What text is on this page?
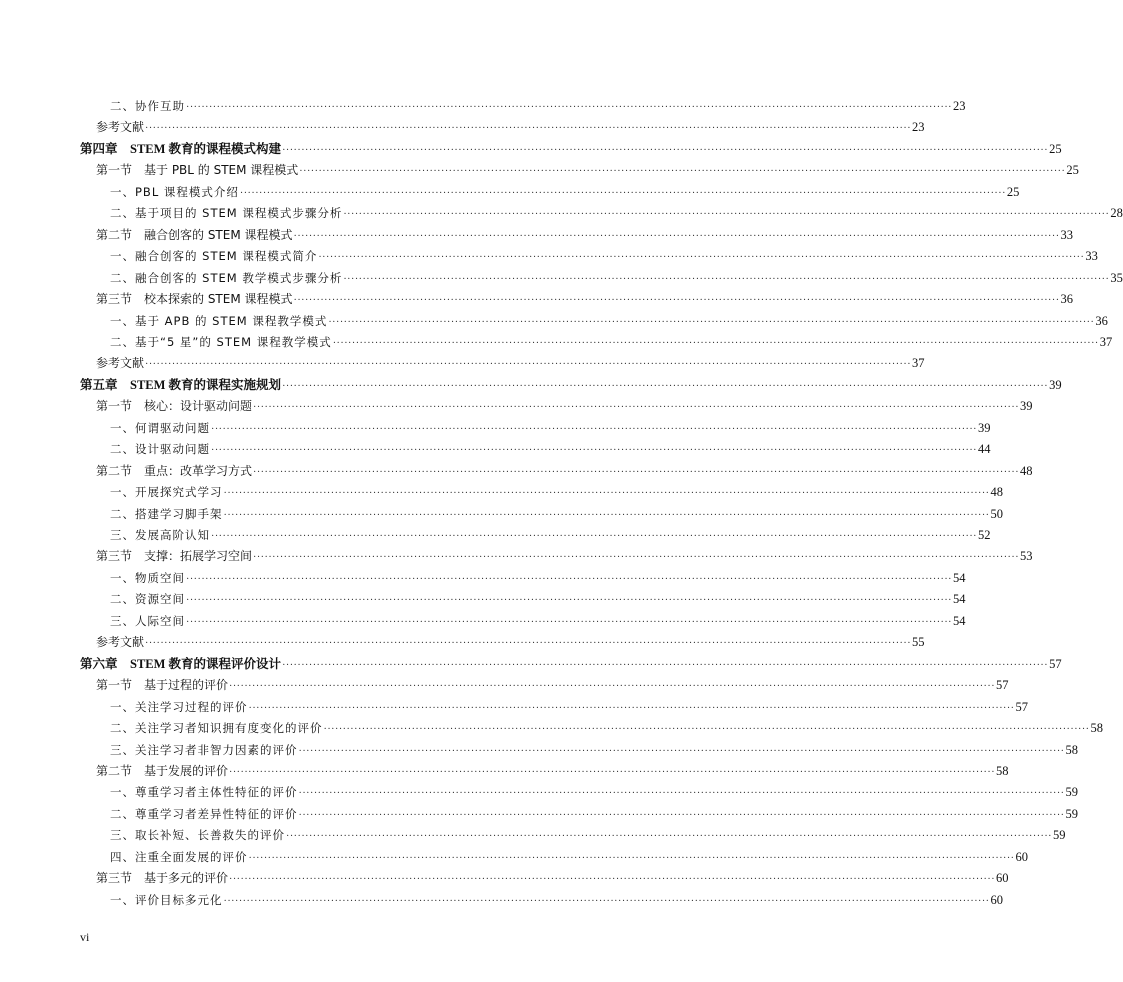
二、协作互助 ········································································································································································································ 23
参考文献 ········································································································································································································ 23
第四章　STEM 教育的课程模式构建 ········································································································································································································ 25
第一节　基于 PBL 的 STEM 课程模式 ········································································································································································································ 25
一、PBL 课程模式介绍 ········································································································································································································ 25
二、基于项目的 STEM 课程模式步骤分析 ········································································································································································································ 28
第二节　融合创客的 STEM 课程模式 ········································································································································································································ 33
一、融合创客的 STEM 课程模式简介 ········································································································································································································ 33
二、融合创客的 STEM 教学模式步骤分析 ········································································································································································································ 35
第三节　校本探索的 STEM 课程模式 ········································································································································································································ 36
一、基于 APB 的 STEM 课程教学模式 ········································································································································································································ 36
二、基于“5 星”的 STEM 课程教学模式 ········································································································································································································ 37
参考文献 ········································································································································································································ 37
第五章　STEM 教育的课程实施规划 ········································································································································································································ 39
第一节　核心：设计驱动问题 ········································································································································································································ 39
一、何谓驱动问题 ········································································································································································································ 39
二、设计驱动问题 ········································································································································································································ 44
第二节　重点：改革学习方式 ········································································································································································································ 48
一、开展探究式学习 ········································································································································································································ 48
二、搭建学习脚手架 ········································································································································································································ 50
三、发展高阶认知 ········································································································································································································ 52
第三节　支撑：拓展学习空间 ········································································································································································································ 53
一、物质空间 ········································································································································································································ 54
二、资源空间 ········································································································································································································ 54
三、人际空间 ········································································································································································································ 54
参考文献 ········································································································································································································ 55
第六章　STEM 教育的课程评价设计 ········································································································································································································ 57
第一节　基于过程的评价 ········································································································································································································ 57
一、关注学习过程的评价 ········································································································································································································ 57
二、关注学习者知识拥有度变化的评价 ········································································································································································································ 58
三、关注学习者非智力因素的评价 ········································································································································································································ 58
第二节　基于发展的评价 ········································································································································································································ 58
一、尊重学习者主体性特征的评价 ········································································································································································································ 59
二、尊重学习者差异性特征的评价 ········································································································································································································ 59
三、取长补短、长善救失的评价 ········································································································································································································ 59
四、注重全面发展的评价 ········································································································································································································ 60
第三节　基于多元的评价 ········································································································································································································ 60
一、评价目标多元化 ········································································································································································································ 60
vi
